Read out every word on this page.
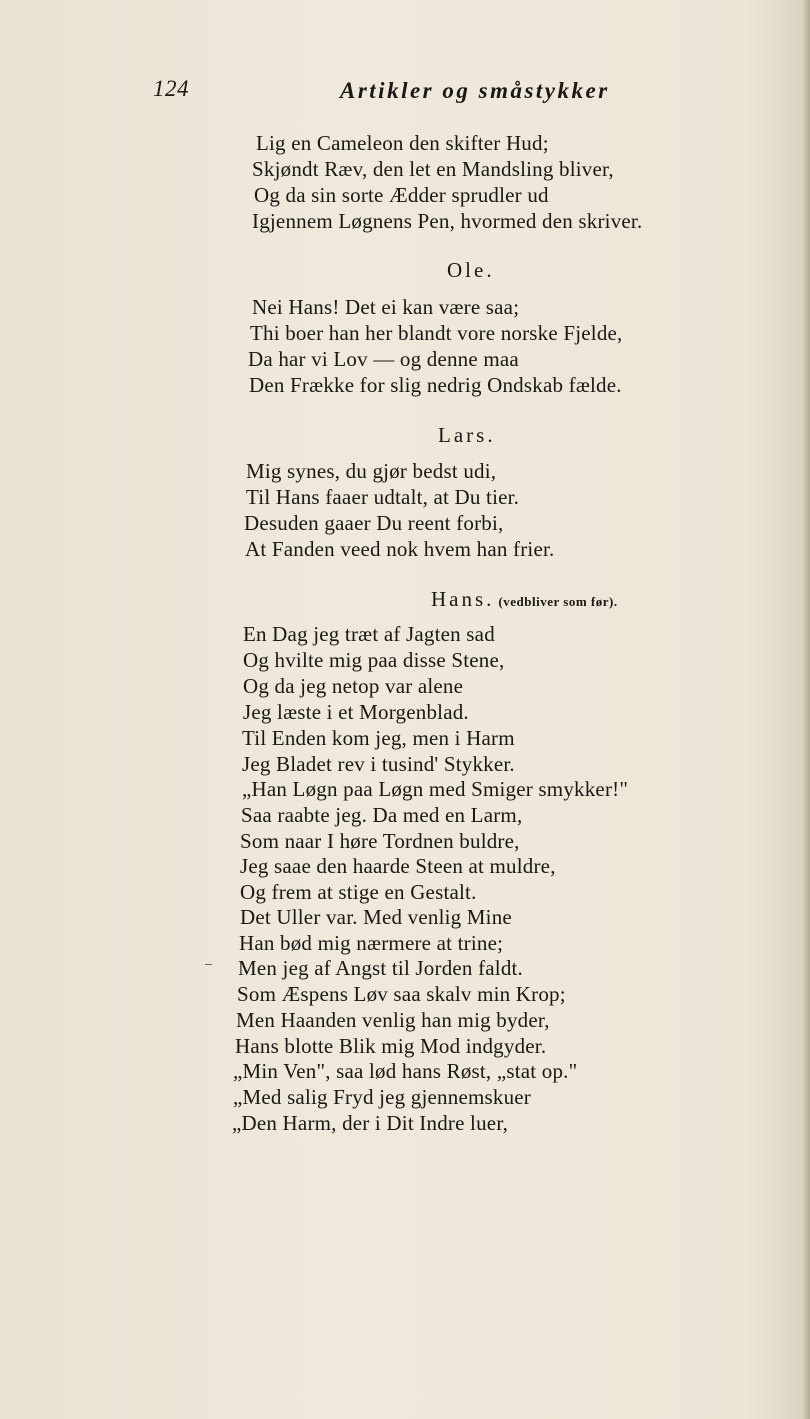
124	Artikler og småstykker
Lig en Cameleon den skifter Hud;
Skjøndt Ræv, den let en Mandsling bliver,
Og da sin sorte Ædder sprudler ud
Igjennem Løgnens Pen, hvormed den skriver.
Ole.
Nei Hans! Det ei kan være saa;
Thi boer han her blandt vore norske Fjelde,
Da har vi Lov — og denne maa
Den Frække for slig nedrig Ondskab fælde.
Lars.
Mig synes, du gjør bedst udi,
Til Hans faaer udtalt, at Du tier.
Desuden gaaer Du reent forbi,
At Fanden veed nok hvem han frier.
Hans. (vedbliver som før).
En Dag jeg træt af Jagten sad
Og hvilte mig paa disse Stene,
Og da jeg netop var alene
Jeg læste i et Morgenblad.
Til Enden kom jeg, men i Harm
Jeg Bladet rev i tusind' Stykker.
„Han Løgn paa Løgn med Smiger smykker!"
Saa raabte jeg. Da med en Larm,
Som naar I høre Tordnen buldre,
Jeg saae den haarde Steen at muldre,
Og frem at stige en Gestalt.
Det Uller var. Med venlig Mine
Han bød mig nærmere at trine;
Men jeg af Angst til Jorden faldt.
Som Æspens Løv saa skalv min Krop;
Men Haanden venlig han mig byder,
Hans blotte Blik mig Mod indgyder.
„Min Ven", saa lød hans Røst, „stat op."
„Med salig Fryd jeg gjennemskuer
„Den Harm, der i Dit Indre luer,
